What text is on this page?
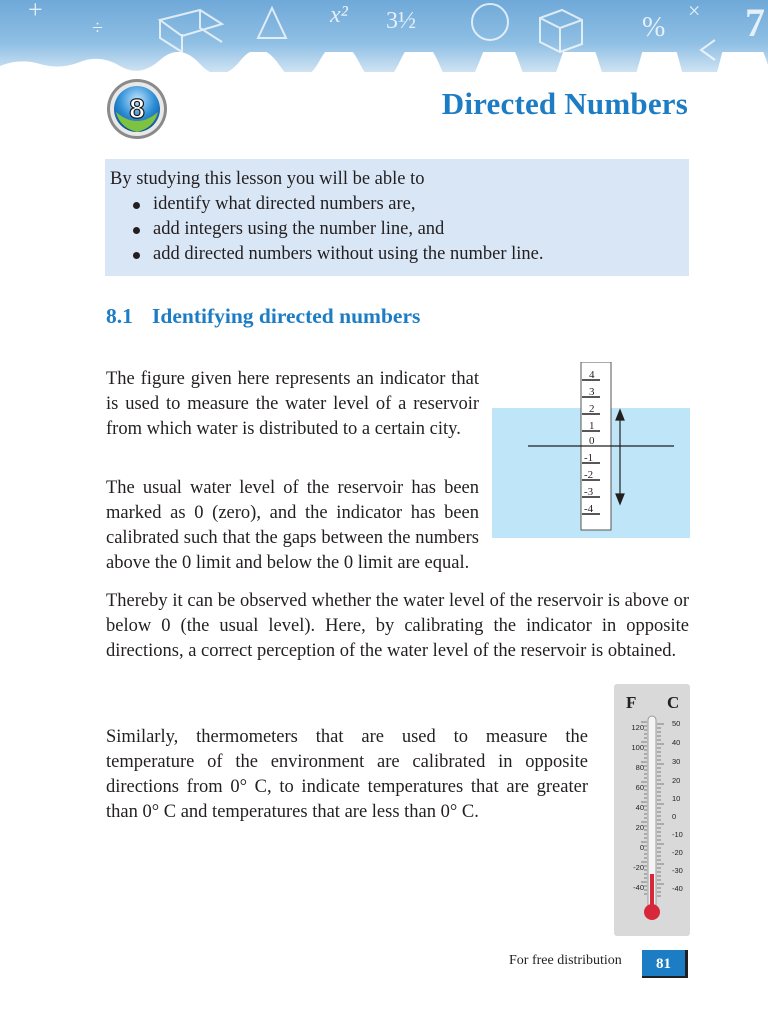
+
÷	x² 3½	%
× 7
8	Directed Numbers
By studying this lesson you will be able to
identify what directed numbers are,
add integers using the number line, and
add directed numbers without using the number line.
8.1 Identifying directed numbers
The figure given here represents an indicator that is used to measure the water level of a reservoir from which water is distributed to a certain city.
The usual water level of the reservoir has been marked as 0 (zero), and the indicator has been calibrated such that the gaps between the numbers above the 0 limit and below the 0 limit are equal.
Thereby it can be observed whether the water level of the reservoir is above or below 0 (the usual level). Here, by calibrating the indicator in opposite directions, a correct perception of the water level of the reservoir is obtained.
Similarly, thermometers that are used to measure the temperature of the environment are calibrated in opposite directions from 0° C, to indicate temperatures that are greater than 0° C and temperatures that are less than 0° C.
4
3
2
1
0
-1
-2
-3
-4
F C
120
100
80
60
40
20
0
-20
-40
50
40
30
20
10
0
-10
-20
-30
-40
For free distribution	81
